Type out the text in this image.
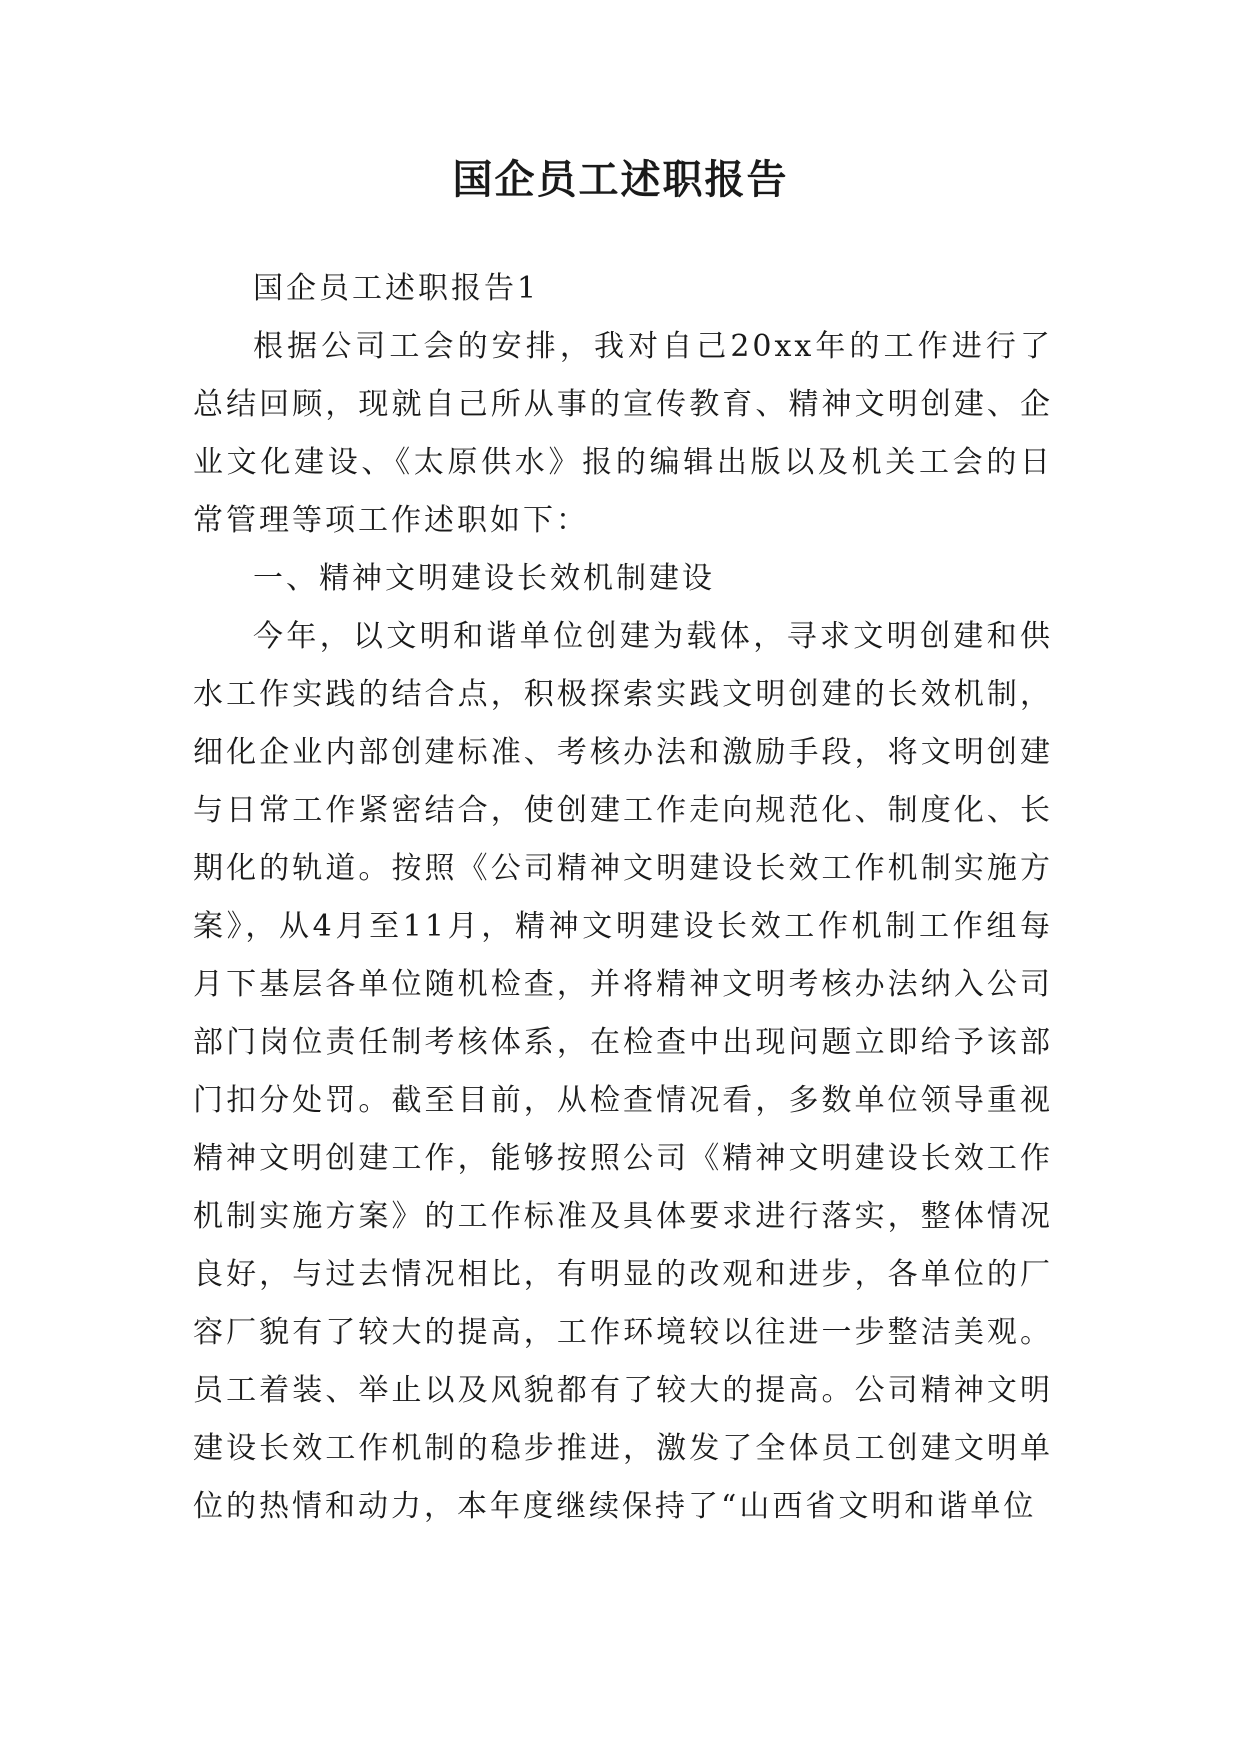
国企员工述职报告

国企员工述职报告1

根据公司工会的安排，我对自己20xx年的工作进行了总结回顾，现就自己所从事的宣传教育、精神文明创建、企业文化建设、《太原供水》报的编辑出版以及机关工会的日常管理等项工作述职如下：

一、精神文明建设长效机制建设

今年，以文明和谐单位创建为载体，寻求文明创建和供水工作实践的结合点，积极探索实践文明创建的长效机制，细化企业内部创建标准、考核办法和激励手段，将文明创建与日常工作紧密结合，使创建工作走向规范化、制度化、长期化的轨道。按照《公司精神文明建设长效工作机制实施方案》，从4月至11月，精神文明建设长效工作机制工作组每月下基层各单位随机检查，并将精神文明考核办法纳入公司部门岗位责任制考核体系，在检查中出现问题立即给予该部门扣分处罚。截至目前，从检查情况看，多数单位领导重视精神文明创建工作，能够按照公司《精神文明建设长效工作机制实施方案》的工作标准及具体要求进行落实，整体情况良好，与过去情况相比，有明显的改观和进步，各单位的厂容厂貌有了较大的提高，工作环境较以往进一步整洁美观。员工着装、举止以及风貌都有了较大的提高。公司精神文明建设长效工作机制的稳步推进，激发了全体员工创建文明单位的热情和动力，本年度继续保持了“山西省文明和谐单位
